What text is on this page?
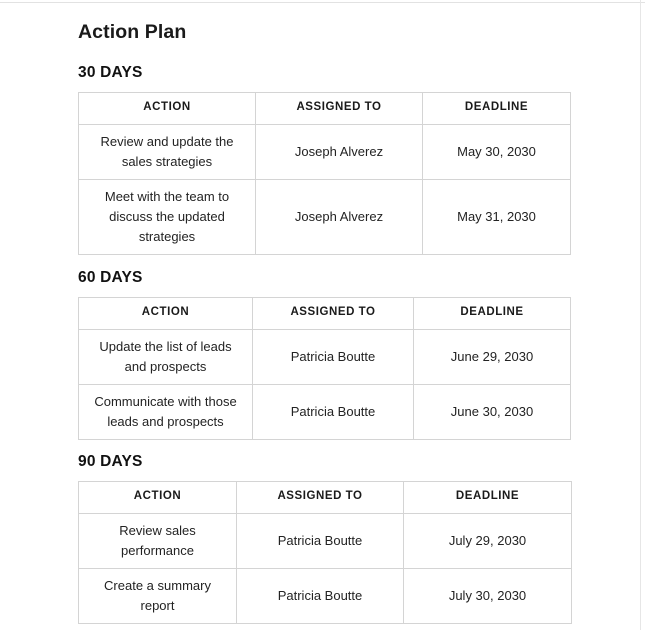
Action Plan
30 DAYS
ACTION	ASSIGNED TO	DEADLINE
Review and update the sales strategies	Joseph Alverez	May 30, 2030
Meet with the team to discuss the updated strategies	Joseph Alverez	May 31, 2030
60 DAYS
ACTION	ASSIGNED TO	DEADLINE
Update the list of leads and prospects	Patricia Boutte	June 29, 2030
Communicate with those leads and prospects	Patricia Boutte	June 30, 2030
90 DAYS
ACTION	ASSIGNED TO	DEADLINE
Review sales performance	Patricia Boutte	July 29, 2030
Create a summary report	Patricia Boutte	July 30, 2030
